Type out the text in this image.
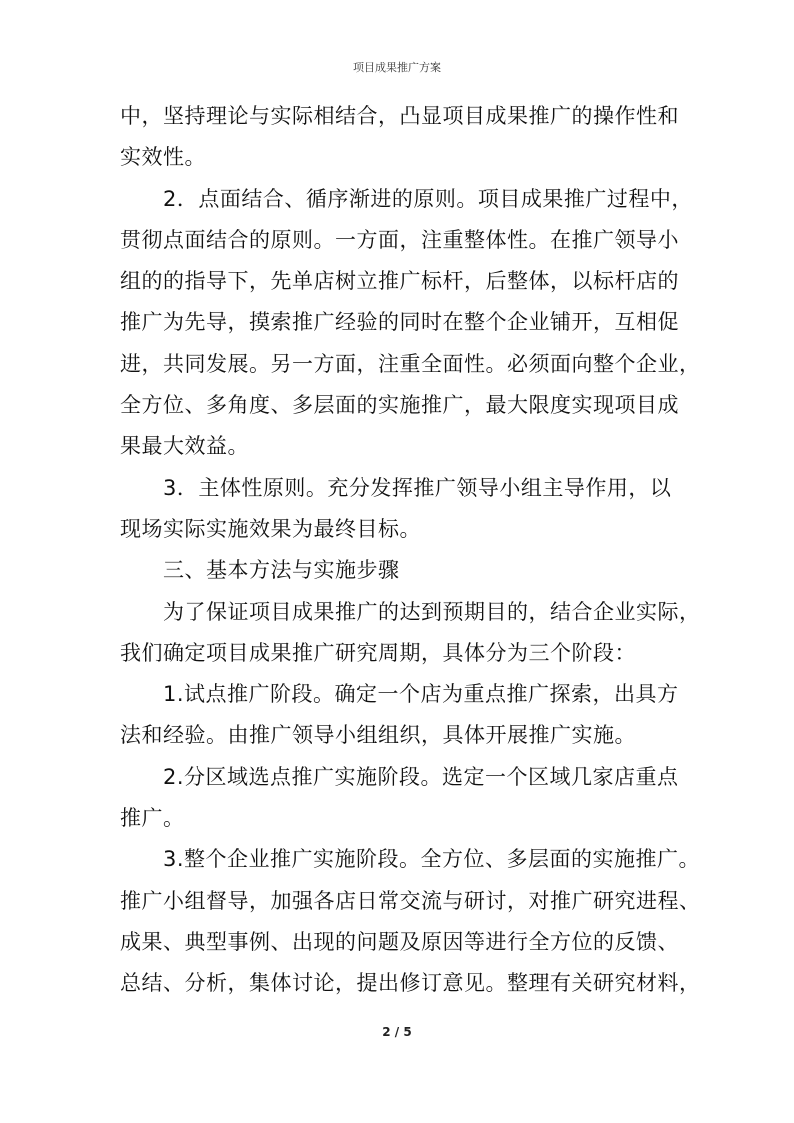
项目成果推广方案
中，坚持理论与实际相结合，凸显项目成果推广的操作性和
实效性。
2．点面结合、循序渐进的原则。项目成果推广过程中，
贯彻点面结合的原则。一方面，注重整体性。在推广领导小
组的的指导下，先单店树立推广标杆，后整体，以标杆店的
推广为先导，摸索推广经验的同时在整个企业铺开，互相促
进，共同发展。另一方面，注重全面性。必须面向整个企业，
全方位、多角度、多层面的实施推广，最大限度实现项目成
果最大效益。
3．主体性原则。充分发挥推广领导小组主导作用，以
现场实际实施效果为最终目标。
三、基本方法与实施步骤
为了保证项目成果推广的达到预期目的，结合企业实际，
我们确定项目成果推广研究周期，具体分为三个阶段：
1.试点推广阶段。确定一个店为重点推广探索，出具方
法和经验。由推广领导小组组织，具体开展推广实施。
2.分区域选点推广实施阶段。选定一个区域几家店重点
推广。
3.整个企业推广实施阶段。全方位、多层面的实施推广。
推广小组督导，加强各店日常交流与研讨，对推广研究进程、
成果、典型事例、出现的问题及原因等进行全方位的反馈、
总结、分析，集体讨论，提出修订意见。整理有关研究材料，
2 / 5
